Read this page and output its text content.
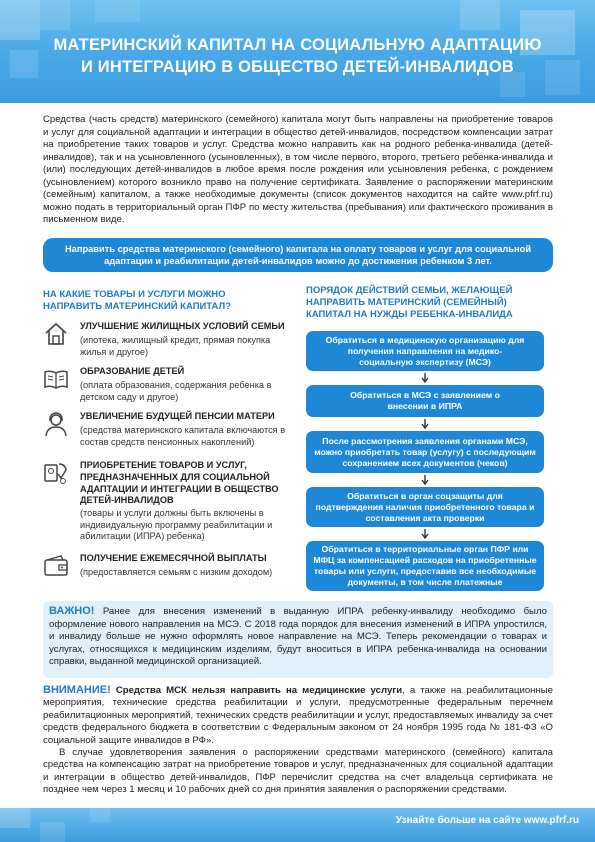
МАТЕРИНСКИЙ КАПИТАЛ НА СОЦИАЛЬНУЮ АДАПТАЦИЮ
И ИНТЕГРАЦИЮ В ОБЩЕСТВО ДЕТЕЙ-ИНВАЛИДОВ
Средства (часть средств) материнского (семейного) капитала могут быть направлены на приобретение товаров и услуг для социальной адаптации и интеграции в общество детей-инвалидов, посредством компенсации затрат на приобретение таких товаров и услуг. Средства можно направить как на родного ребенка-инвалида (детей-инвалидов), так и на усыновленного (усыновленных), в том числе первого, второго, третьего ребенка-инвалида и (или) последующих детей-инвалидов в любое время после рождения или усыновления ребенка, с рождением (усыновлением) которого возникло право на получение сертификата. Заявление о распоряжении материнским (семейным) капиталом, а также необходимые документы (список документов находится на сайте www.pfrf.ru) можно подать в территориальный орган ПФР по месту жительства (пребывания) или фактического проживания в письменном виде.
Направить средства материнского (семейного) капитала на оплату товаров и услуг для социальной адаптации и реабилитации детей-инвалидов можно до достижения ребенком 3 лет.
НА КАКИЕ ТОВАРЫ И УСЛУГИ МОЖНО
НАПРАВИТЬ МАТЕРИНСКИЙ КАПИТАЛ?
ПОРЯДОК ДЕЙСТВИЙ СЕМЬИ, ЖЕЛАЮЩЕЙ
НАПРАВИТЬ МАТЕРИНСКИЙ (СЕМЕЙНЫЙ)
КАПИТАЛ НА НУЖДЫ РЕБЕНКА-ИНВАЛИДА
УЛУЧШЕНИЕ ЖИЛИЩНЫХ УСЛОВИЙ СЕМЬИ
(ипотека, жилищный кредит, прямая покупка жилья и другое)
ОБРАЗОВАНИЕ ДЕТЕЙ
(оплата образования, содержания ребенка в детском саду и другое)
УВЕЛИЧЕНИЕ БУДУЩЕЙ ПЕНСИИ МАТЕРИ
(средства материнского капитала включаются в состав средств пенсионных накоплений)
ПРИОБРЕТЕНИЕ ТОВАРОВ И УСЛУГ, ПРЕДНАЗНАЧЕННЫХ ДЛЯ СОЦИАЛЬНОЙ АДАПТАЦИИ И ИНТЕГРАЦИИ В ОБЩЕСТВО ДЕТЕЙ-ИНВАЛИДОВ
(товары и услуги должны быть включены в индивидуальную программу реабилитации и абилитации (ИПРА) ребенка)
ПОЛУЧЕНИЕ ЕЖЕМЕСЯЧНОЙ ВЫПЛАТЫ
(предоставляется семьям с низким доходом)
Обратиться в медицинскую организацию для получения направления на медико-социальную экспертизу (МСЭ)
Обратиться в МСЭ с заявлением о внесении в ИПРА
После рассмотрения заявления органами МСЭ, можно приобретать товар (услугу) с последующим сохранением всех документов (чеков)
Обратиться в орган соцзащиты для подтверждения наличия приобретенного товара и составления акта проверки
Обратиться в территориальные орган ПФР или МФЦ за компенсацией расходов на приобретенные товары или услуги, предоставив все необходимые документы, в том числе платежные

ВАЖНО! Ранее для внесения изменений в выданную ИПРА ребенку-инвалиду необходимо было оформление нового направления на МСЭ. С 2018 года порядок для внесения изменений в ИПРА упростился, и инвалиду больше не нужно оформлять новое направление на МСЭ. Теперь рекомендации о товарах и услугах, относящихся к медицинским изделиям, будут вноситься в ИПРА ребенка-инвалида на основании справки, выданной медицинской организацией.

ВНИМАНИЕ! Средства МСК нельзя направить на медицинские услуги, а также на реабилитационные мероприятия, технические средства реабилитации и услуги, предусмотренные федеральным перечнем реабилитационных мероприятий, технических средств реабилитации и услуг, предоставляемых инвалиду за счет средств федерального бюджета в соответствии с Федеральным законом от 24 ноября 1995 года № 181-ФЗ «О социальной защите инвалидов в РФ».

В случае удовлетворения заявления о распоряжении средствами материнского (семейного) капитала средства на компенсацию затрат на приобретение товаров и услуг, предназначенных для социальной адаптации и интеграции в общество детей-инвалидов, ПФР перечислит средства на счет владельца сертификата не позднее чем через 1 месяц и 10 рабочих дней со дня принятия заявления о распоряжении средствами.

Узнайте больше на сайте www.pfrf.ru
